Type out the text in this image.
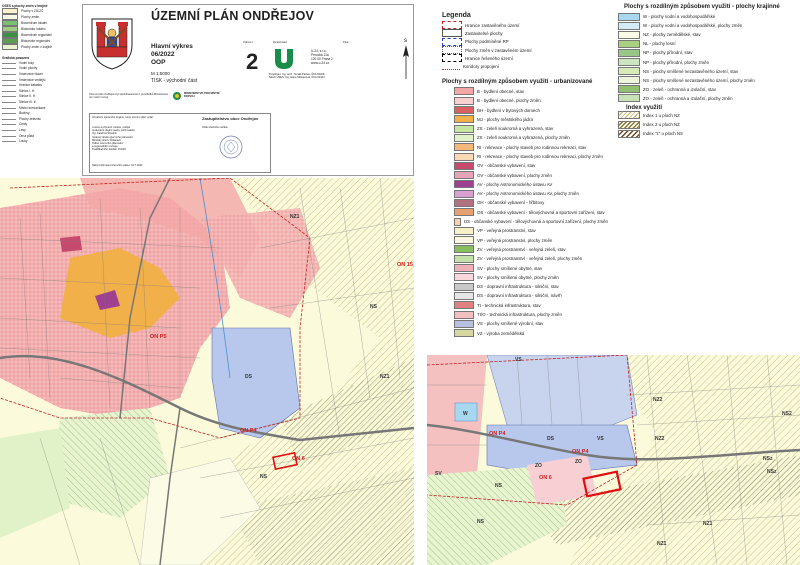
OSES a plochy změn v krajině
Plochy v ZÚ/ZČ
Plochy změn
Biocentrum lokální
Biokoridor lokální
Biocentrum regionální
Biokoridor regionální
Plochy změn v krajině
Grafická posazení
Vodní toky
Vodní plochy
Vrstevnice hlavní
Vrstevnice vedlejší
Hranice katastru
Silnice I. tř.
Silnice II. tř.
Silnice III. tř.
Místní komunikace
Budovy
Plochy železnic
Cesty
Lesy
Orná půda
Louky
ÚZEMNÍ PLÁN ONDŘEJOV
Hlavní výkres
06/2022
OOP
M 1:5000
TISK - východní část
Výkres č.
2
Zpracovatel:
U-24, s.r.o.
Perucká 11a
120 00 Praha 2
www.u-24.cz
Projektant: Ing. arch. Tomáš Pavlas, ČKA 03328
Návrh ÚSES: Ing. Hana Skokanová, ČKA 04444
Paré:
Územní plán Ondřejov byl spolufinancován z prostředků Ministerstva pro místní rozvoj
MINISTERSTVO PRO MÍSTNÍ ROZVOJ
Označení správního orgánu, který územní plán vydal:	Zastupitelstvo obce Ondřejov
Jméno a příjmení, funkce, podpis
oprávněné úřední osoby pořizovatele:
Ing. Kateřina Šťastná
Vedoucí úřadu územního plánování
Městský úřad v Říčanech
Odbor územního plánování
a regionálního rozvoje
Kvalifikačního doklad: 161/03
Otisk úředního razítka:
Nabytí účinnosti územního plánu: 19.7.2022
s
Legenda
Hranice zastavěného území
Zastavitelné plochy
Plochy podmíněné RP
Plochy změn v zastavěném území
Hranice řešeného území
Koridory propojení
Plochy s rozdílným způsobem využití - urbanizované
B - bydlení obecné, stav
B - bydlení obecné, plochy změn
BH - bydlení v bytových domech
MJ - plochy městského jádra
ZS - zeleň soukromá a vyhrazená, stav
ZS - zeleň soukromá a vyhrazená, plochy změn
RI - rekreace - plochy staveb pro rodinnou rekreaci, stav
RI - rekreace - plochy staveb pro rodinnou rekreaci, plochy změn
OV - občanské vybavení, stav
OV - občanské vybavení, plochy změn
AV - plochy Astronomického ústavu AV
AV - plochy Astronomického ústavu AV, plochy změn
OH - občanské vybavení - hřbitovy
OS - občanské vybavení - tělovýchovná a sportovní zařízení, stav
OS - občanské vybavení - tělovýchovná a sportovní zařízení, plochy změn
VP - veřejná prostranství, stav
VP - veřejná prostranství, plochy změn
ZV - veřejná prostranství - veřejná zeleň, stav
ZV - veřejná prostranství - veřejná zeleň, plochy změn
SV - plochy smíšené obytné, stav
SV - plochy smíšené obytné, plochy změn
DS - dopravní infrastruktura - silniční, stav
DS - dopravní infrastruktura - silniční, návrh
TI - technická infrastruktura, stav
TI/O - technická infrastruktura, plochy změn
VS - plochy smíšené výrobní, stav
VZ - výroba zemědělská
Plochy s rozdílným způsobem využití - plochy krajinné
W - plochy vodní a vodohospodářské
W - plochy vodní a vodohospodářské, plochy změn
NZ - plochy zemědělské, stav
NL - plochy lesní
NP - plochy přírodní, stav
NP - plochy přírodní, plochy změn
NS - plochy smíšené nezastavěného území, stav
NS - plochy smíšené nezastavěného území, plochy změn
ZO - zeleň - ochranná a izolační, stav
ZO - zeleň - ochranná a izolační, plochy změn
Index využití
Index 1 u ploch NZ
Index 2 u ploch NZ
Index "z" u ploch NS
ON 15
NZ1
NZ1
NS
ON P4
DS
ON P5
NS
ON 6
VS
ON P4
DS	VS
NZ2
NZ2
NS2
NSz
NSz
NZ1
SV
ZO
ON 6
NS
NS
NZ1
W
ON P4
ZO
